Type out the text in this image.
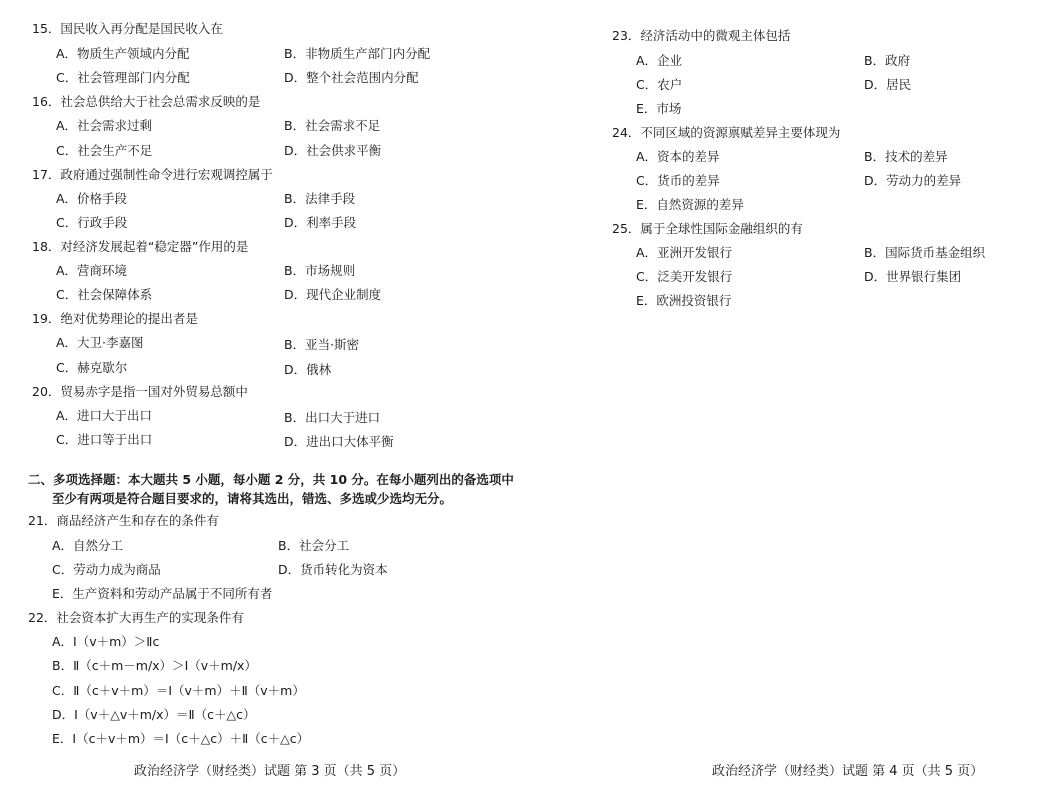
15．国民收入再分配是国民收入在
A．物质生产领域内分配	B．非物质生产部门内分配
C．社会管理部门内分配	D．整个社会范围内分配
16．社会总供给大于社会总需求反映的是
A．社会需求过剩	B．社会需求不足
C．社会生产不足	D．社会供求平衡
17．政府通过强制性命令进行宏观调控属于
A．价格手段	B．法律手段
C．行政手段	D．利率手段
18．对经济发展起着“稳定器”作用的是
A．营商环境	B．市场规则
C．社会保障体系	D．现代企业制度
19．绝对优势理论的提出者是
A．大卫·李嘉图	B．亚当·斯密
C．赫克歇尔	D．俄林
20．贸易赤字是指一国对外贸易总额中
A．进口大于出口	B．出口大于进口
C．进口等于出口	D．进出口大体平衡
二、多项选择题：本大题共 5 小题，每小题 2 分，共 10 分。在每小题列出的备选项中
至少有两项是符合题目要求的，请将其选出，错选、多选或少选均无分。
21．商品经济产生和存在的条件有
A．自然分工	B．社会分工
C．劳动力成为商品	D．货币转化为资本
E．生产资料和劳动产品属于不同所有者
22．社会资本扩大再生产的实现条件有
A．Ⅰ（v＋m）＞Ⅱc
B．Ⅱ（c＋m－m/x）＞Ⅰ（v＋m/x）
C．Ⅱ（c＋v＋m）＝Ⅰ（v＋m）＋Ⅱ（v＋m）
D．Ⅰ（v＋△v＋m/x）＝Ⅱ（c＋△c）
E．Ⅰ（c＋v＋m）＝Ⅰ（c＋△c）＋Ⅱ（c＋△c）
政治经济学（财经类）试题 第 3 页（共 5 页）
23．经济活动中的微观主体包括
A．企业	B．政府
C．农户	D．居民
E．市场
24．不同区域的资源禀赋差异主要体现为
A．资本的差异	B．技术的差异
C．货币的差异	D．劳动力的差异
E．自然资源的差异
25．属于全球性国际金融组织的有
A．亚洲开发银行	B．国际货币基金组织
C．泛美开发银行	D．世界银行集团
E．欧洲投资银行
政治经济学（财经类）试题 第 4 页（共 5 页）
